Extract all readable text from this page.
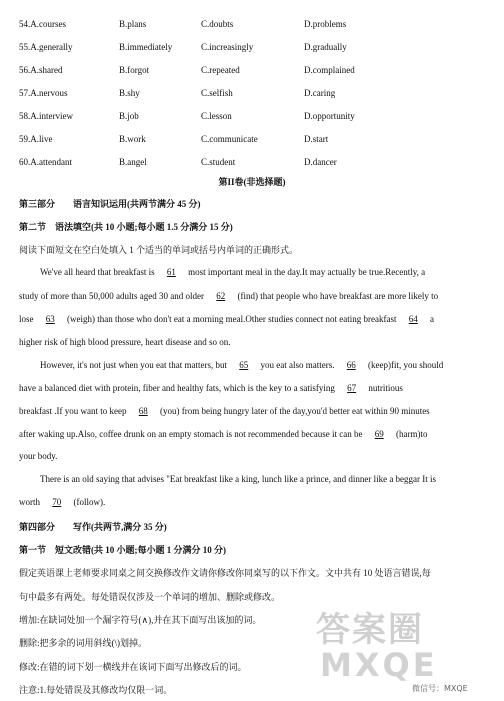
54.A.courses	B.plans	C.doubts	D.problems
55.A.generally	B.immediately	C.increasingly	D.gradually
56.A.shared	B.forgot	C.repeated	D.complained
57.A.nervous	B.shy	C.selfish	D.caring
58.A.interview	B.job	C.lesson	D.opportunity
59.A.live	B.work	C.communicate	D.start
60.A.attendant	B.angel	C.student	D.dancer
第II卷(非选择题)
第三部分　　语言知识运用(共两节满分 45 分)
第二节　语法填空(共 10 小题;每小题 1.5 分满分 15 分)
阅读下面短文在空白处填入 1 个适当的单词或括号内单词的正确形式。
We've all heard that breakfast is 61 most important meal in the day.It may actually be true.Recently, a
study of more than 50,000 adults aged 30 and older 62 (find) that people who have breakfast are more likely to
lose 63 (weigh) than those who don't eat a morning meal.Other studies connect not eating breakfast 64 a
higher risk of high blood pressure, heart disease and so on.
However, it's not just when you eat that matters, but 65 you eat also matters. 66 (keep)fit, you should
have a balanced diet with protein, fiber and healthy fats, which is the key to a satisfying 67 nutritious
breakfast .If you want to keep 68 (you) from being hungry later of the day,you'd better eat within 90 minutes
after waking up.Also, coffee drunk on an empty stomach is not recommended because it can be 69 (harm)to
your body.
There is an old saying that advises "Eat breakfast like a king, lunch like a prince, and dinner like a beggar It is
worth 70 (follow).
第四部分　　写作(共两节,满分 35 分)
第一节　短文改错(共 10 小题;每小题 1 分满分 10 分)
假定英语课上老师要求同桌之间交换修改作文请你修改你同桌写的以下作文。文中共有 10 处语言错误,每
句中最多有两处。每处错误仅涉及一个单词的增加、删除或修改。
增加:在缺词处加一个漏字符号(∧),并在其下面写出该加的词。
删除:把多余的词用斜线(\)划掉。
修改:在错的词下划一横线并在该词下面写出修改后的词。
注意:1.每处错误及其修改均仅限一词。
答案圈
MXQE
微信号：MXQE
